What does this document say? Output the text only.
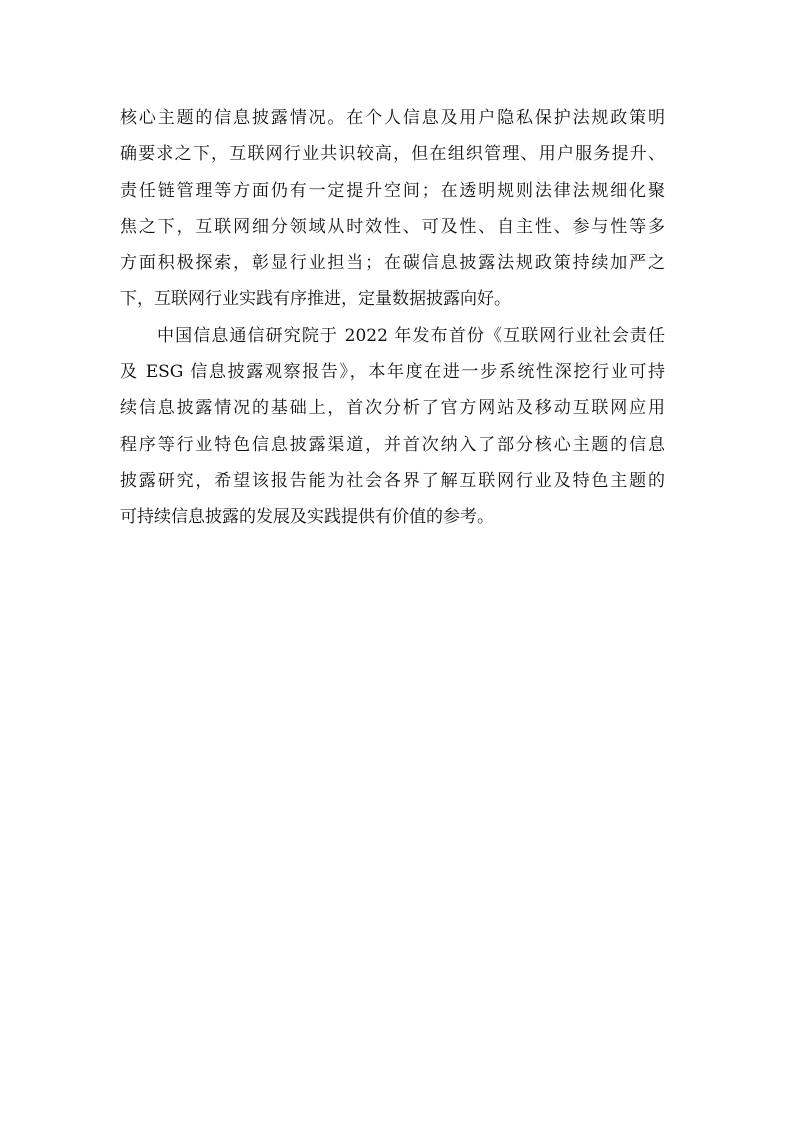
核心主题的信息披露情况。在个人信息及用户隐私保护法规政策明
确要求之下，互联网行业共识较高，但在组织管理、用户服务提升、
责任链管理等方面仍有一定提升空间；在透明规则法律法规细化聚
焦之下，互联网细分领域从时效性、可及性、自主性、参与性等多
方面积极探索，彰显行业担当；在碳信息披露法规政策持续加严之
下，互联网行业实践有序推进，定量数据披露向好。
中国信息通信研究院于 2022 年发布首份《互联网行业社会责任
及 ESG 信息披露观察报告》，本年度在进一步系统性深挖行业可持
续信息披露情况的基础上，首次分析了官方网站及移动互联网应用
程序等行业特色信息披露渠道，并首次纳入了部分核心主题的信息
披露研究，希望该报告能为社会各界了解互联网行业及特色主题的
可持续信息披露的发展及实践提供有价值的参考。
